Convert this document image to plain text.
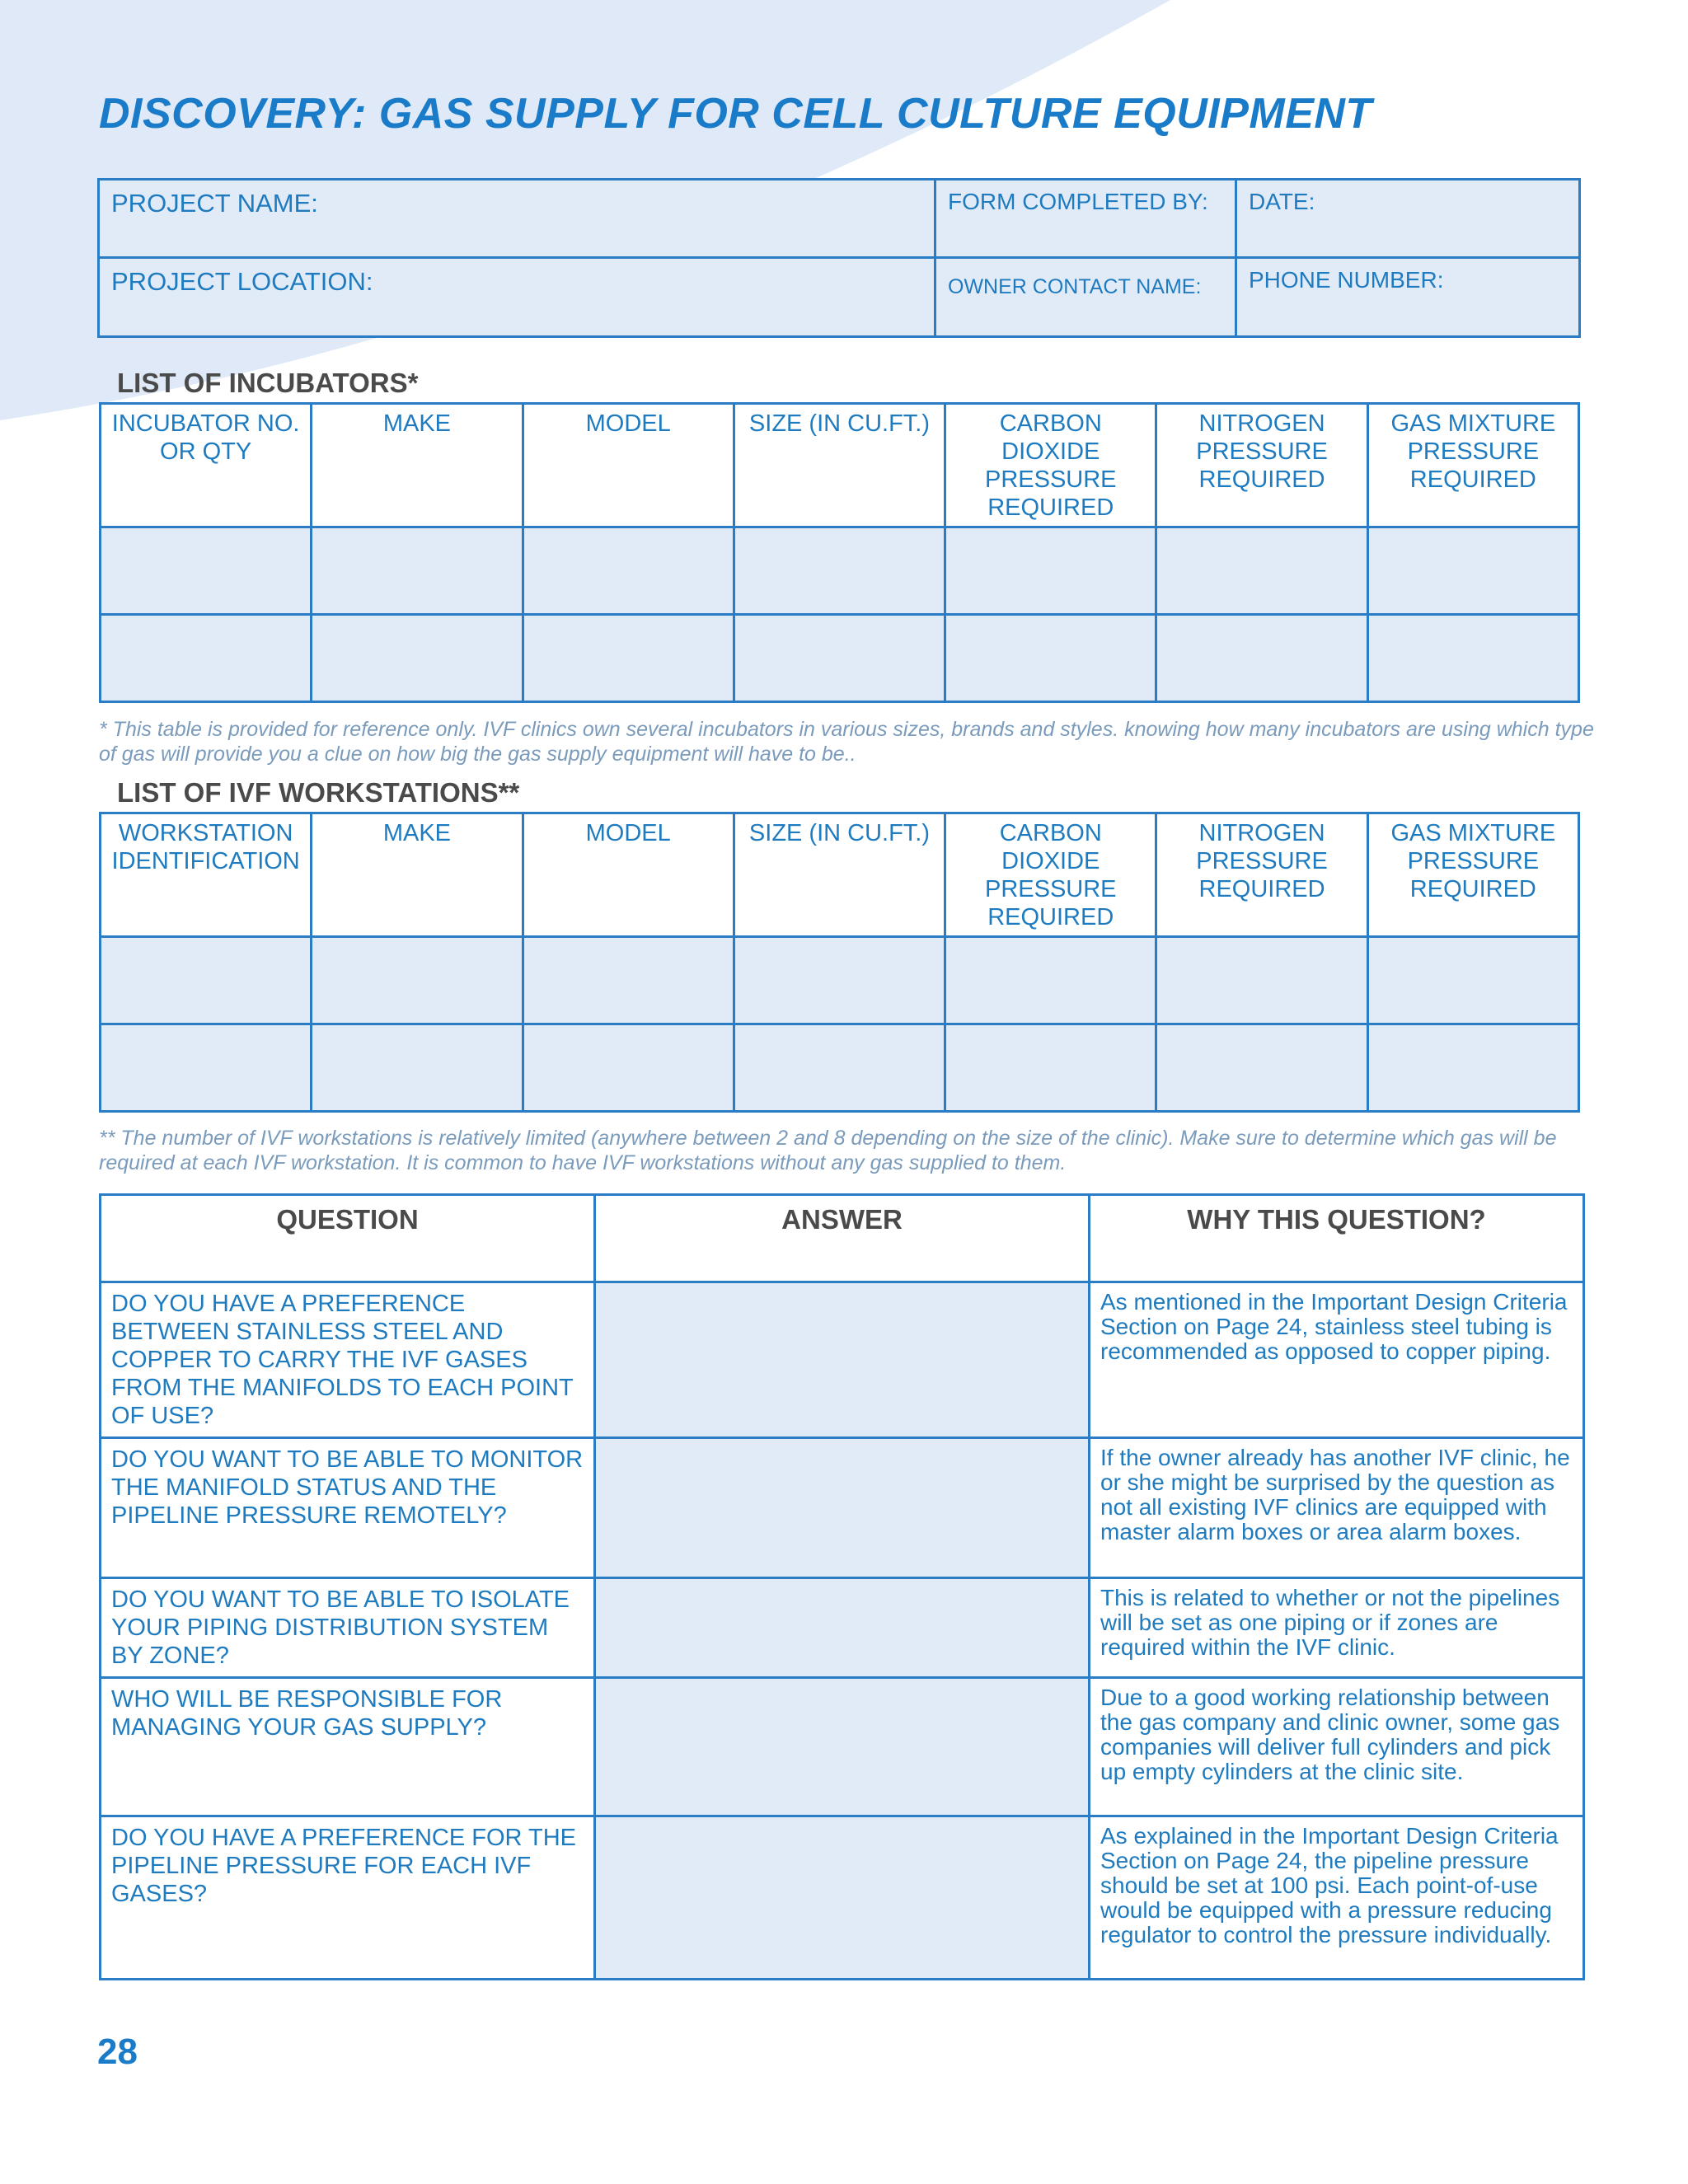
DISCOVERY: GAS SUPPLY FOR CELL CULTURE EQUIPMENT
PROJECT NAME:	FORM COMPLETED BY:	DATE:
PROJECT LOCATION:	OWNER CONTACT NAME:	PHONE NUMBER:
LIST OF INCUBATORS*
INCUBATOR NO. OR QTY	MAKE	MODEL	SIZE (IN CU.FT.)	CARBON DIOXIDE PRESSURE REQUIRED	NITROGEN PRESSURE REQUIRED	GAS MIXTURE PRESSURE REQUIRED

* This table is provided for reference only. IVF clinics own several incubators in various sizes, brands and styles. knowing how many incubators are using which type of gas will provide you a clue on how big the gas supply equipment will have to be..
LIST OF IVF WORKSTATIONS**
WORKSTATION IDENTIFICATION	MAKE	MODEL	SIZE (IN CU.FT.)	CARBON DIOXIDE PRESSURE REQUIRED	NITROGEN PRESSURE REQUIRED	GAS MIXTURE PRESSURE REQUIRED

** The number of IVF workstations is relatively limited (anywhere between 2 and 8 depending on the size of the clinic). Make sure to determine which gas will be required at each IVF workstation. It is common to have IVF workstations without any gas supplied to them.
QUESTION	ANSWER	WHY THIS QUESTION?
DO YOU HAVE A PREFERENCE BETWEEN STAINLESS STEEL AND COPPER TO CARRY THE IVF GASES FROM THE MANIFOLDS TO EACH POINT OF USE?		As mentioned in the Important Design Criteria Section on Page 24, stainless steel tubing is recommended as opposed to copper piping.
DO YOU WANT TO BE ABLE TO MONITOR THE MANIFOLD STATUS AND THE PIPELINE PRESSURE REMOTELY?		If the owner already has another IVF clinic, he or she might be surprised by the question as not all existing IVF clinics are equipped with master alarm boxes or area alarm boxes.
DO YOU WANT TO BE ABLE TO ISOLATE YOUR PIPING DISTRIBUTION SYSTEM BY ZONE?		This is related to whether or not the pipelines will be set as one piping or if zones are required within the IVF clinic.
WHO WILL BE RESPONSIBLE FOR MANAGING YOUR GAS SUPPLY?		Due to a good working relationship between the gas company and clinic owner, some gas companies will deliver full cylinders and pick up empty cylinders at the clinic site.
DO YOU HAVE A PREFERENCE FOR THE PIPELINE PRESSURE FOR EACH IVF GASES?		As explained in the Important Design Criteria Section on Page 24, the pipeline pressure should be set at 100 psi. Each point-of-use would be equipped with a pressure reducing regulator to control the pressure individually.
28
